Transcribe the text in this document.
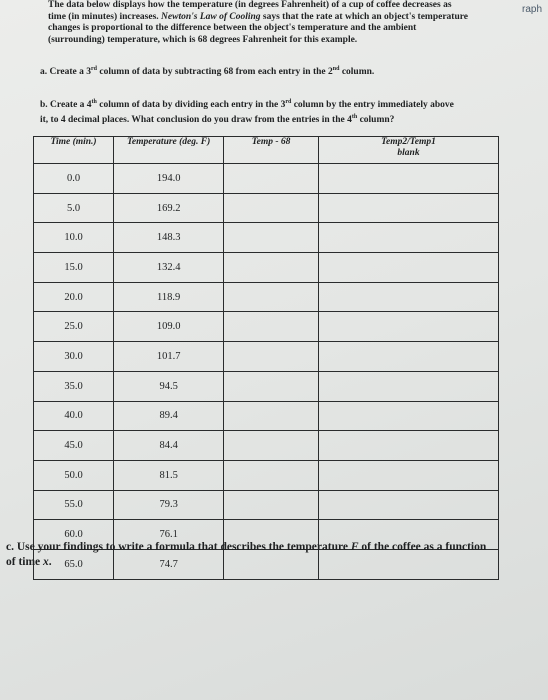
raph
The data below displays how the temperature (in degrees Fahrenheit) of a cup of coffee decreases as
time (in minutes) increases. Newton's Law of Cooling says that the rate at which an object's temperature
changes is proportional to the difference between the object's temperature and the ambient
(surrounding) temperature, which is 68 degrees Fahrenheit for this example.
a. Create a 3rd column of data by subtracting 68 from each entry in the 2nd column.
b. Create a 4th column of data by dividing each entry in the 3rd column by the entry immediately above
it, to 4 decimal places. What conclusion do you draw from the entries in the 4th column?
Time (min.)	Temperature (deg. F)	Temp - 68	Temp2/Temp1
blank

0.0	194.0		
5.0	169.2		
10.0	148.3		
15.0	132.4		
20.0	118.9		
25.0	109.0		
30.0	101.7		
35.0	94.5		
40.0	89.4		
45.0	84.4		
50.0	81.5		
55.0	79.3		
60.0	76.1		
65.0	74.7		
c. Use your findings to write a formula that describes the temperature F of the coffee as a function
of time x.
